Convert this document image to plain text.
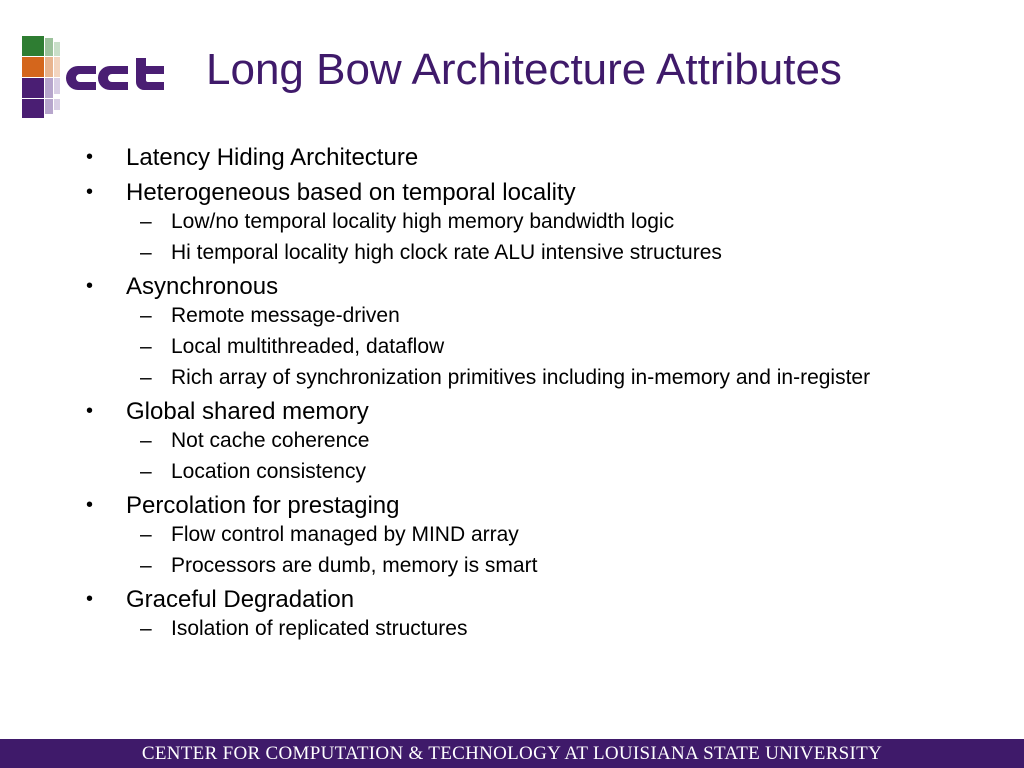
Long Bow Architecture Attributes
• Latency Hiding Architecture
• Heterogeneous based on temporal locality
– Low/no temporal locality high memory bandwidth logic
– Hi temporal locality high clock rate ALU intensive structures
• Asynchronous
– Remote message-driven
– Local multithreaded, dataflow
– Rich array of synchronization primitives including in-memory and in-register
• Global shared memory
– Not cache coherence
– Location consistency
• Percolation for prestaging
– Flow control managed by MIND array
– Processors are dumb, memory is smart
• Graceful Degradation
– Isolation of replicated structures
CENTER FOR COMPUTATION & TECHNOLOGY AT LOUISIANA STATE UNIVERSITY
